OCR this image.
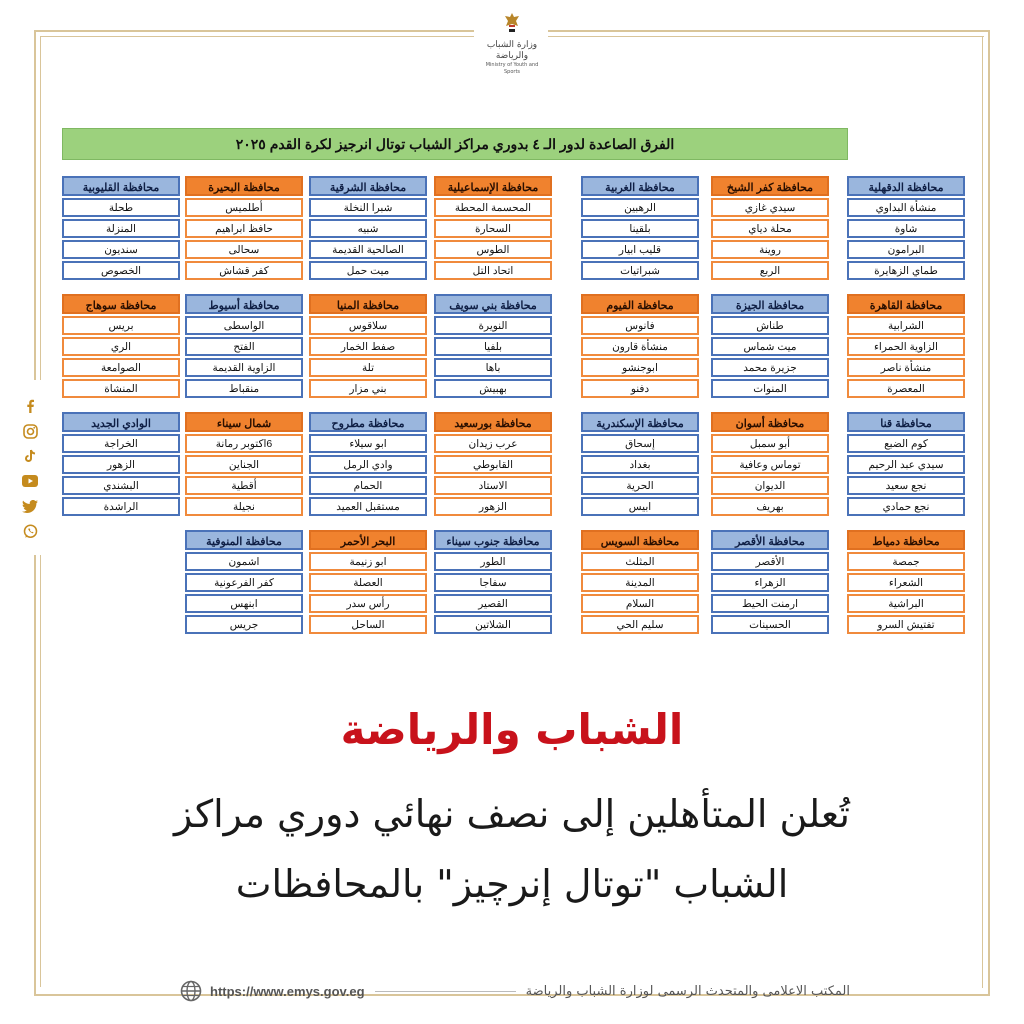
وزارة الشباب والرياضة
Ministry of Youth and Sports
الفرق الصاعدة لدور الـ ٤ بدوري مراكز الشباب توتال انرجيز لكرة القدم ٢٠٢٥
محافظة الدقهلية
منشأة البداوي
شاوة
البرامون
طماي الزهايرة
محافظة كفر الشيخ
سيدي غازي
محلة دياي
روينة
الربع
محافظة الغربية
الرهبين
بلقينا
قليب ابيار
شبراتيات
محافظة الإسماعيلية
المحسمة المحطة
السحارة
الطوس
اتحاد التل
محافظة الشرقية
شبرا النخلة
شبيه
الصالحية القديمة
ميت حمل
محافظة البحيرة
أطلميس
حافظ ابراهيم
سحالى
كفر قشاش
محافظة القليوبية
طحلة
المنزلة
سنديون
الخصوص
محافظة القاهرة
الشرابية
الزاوية الحمراء
منشأة ناصر
المعصرة
محافظة الجيزة
طناش
ميت شماس
جزيرة محمد
المنوات
محافظة الفيوم
فانوس
منشأة قارون
ابوجنشو
دفنو
محافظة بني سويف
النويرة
بلفيا
باها
بهبيش
محافظة المنيا
سلاقوس
صفط الخمار
تلة
بني مزار
محافظة أسيوط
الواسطى
الفتح
الزاوية القديمة
منقباط
محافظة سوهاج
بريس
الري
الصوامعة
المنشاة
محافظة قنا
كوم الضبع
سيدي عبد الرحيم
نجع سعيد
نجع حمادي
محافظة أسوان
أبو سمبل
توماس وعافية
الديوان
بهريف
محافظة الإسكندرية
إسحاق
بغداد
الحرية
ابيس
محافظة بورسعيد
عرب زيدان
القابوطي
الاستاد
الزهور
محافظة مطروح
ابو سيلاء
وادي الرمل
الحمام
مستقبل العميد
شمال سيناء
6اكتوبر رمانة
الجناين
أقطية
نجيلة
الوادي الجديد
الخراجة
الزهور
البشندي
الراشدة
محافظة دمياط
جمصة
الشعراء
البراشية
تفتيش السرو
محافظة الأقصر
الأقصر
الزهراء
ارمنت الحيط
الحسينات
محافظة السويس
المثلث
المدينة
السلام
سليم الحي
محافظة جنوب سيناء
الطور
سفاجا
القصير
الشلاتين
البحر الأحمر
ابو زنيمة
العصلة
رأس سدر
الساحل
محافظة المنوفية
اشمون
كفر الفرعونية
ابنهس
جريس
الشباب والرياضة
تُعلن المتأهلين إلى نصف نهائي دوري مراكز
الشباب "توتال إنرچيز" بالمحافظات
https://www.emys.gov.eg	المكتب الاعلامى والمتحدث الرسمى لوزارة الشباب والرياضة
